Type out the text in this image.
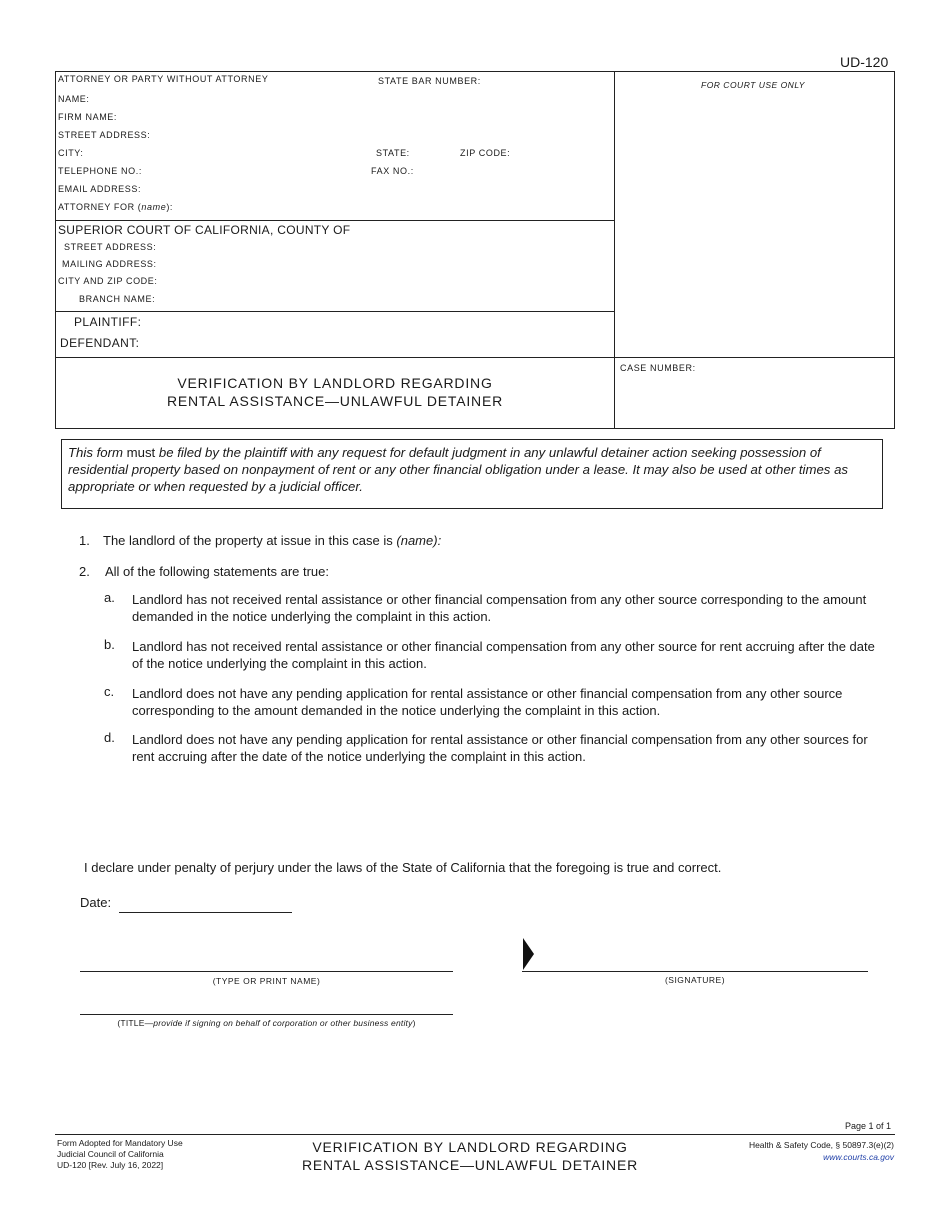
UD-120
ATTORNEY OR PARTY WITHOUT ATTORNEY	STATE BAR NUMBER:
NAME:
FIRM NAME:
STREET ADDRESS:
CITY:	STATE:	ZIP CODE:
TELEPHONE NO.:	FAX NO.:
EMAIL ADDRESS:
ATTORNEY FOR (name):
SUPERIOR COURT OF CALIFORNIA, COUNTY OF
STREET ADDRESS:
MAILING ADDRESS:
CITY AND ZIP CODE:
BRANCH NAME:
PLAINTIFF:
DEFENDANT:
FOR COURT USE ONLY
CASE NUMBER:
VERIFICATION BY LANDLORD REGARDING
RENTAL ASSISTANCE—UNLAWFUL DETAINER
This form must be filed by the plaintiff with any request for default judgment in any unlawful detainer action seeking possession of residential property based on nonpayment of rent or any other financial obligation under a lease. It may also be used at other times as appropriate or when requested by a judicial officer.
1. The landlord of the property at issue in this case is (name):
2. All of the following statements are true:
a. Landlord has not received rental assistance or other financial compensation from any other source corresponding to the amount demanded in the notice underlying the complaint in this action.
b. Landlord has not received rental assistance or other financial compensation from any other source for rent accruing after the date of the notice underlying the complaint in this action.
c. Landlord does not have any pending application for rental assistance or other financial compensation from any other source corresponding to the amount demanded in the notice underlying the complaint in this action.
d. Landlord does not have any pending application for rental assistance or other financial compensation from any other sources for rent accruing after the date of the notice underlying the complaint in this action.
I declare under penalty of perjury under the laws of the State of California that the foregoing is true and correct.
Date:
(TYPE OR PRINT NAME)	(SIGNATURE)
(TITLE—provide if signing on behalf of corporation or other business entity)
Page 1 of 1
Form Adopted for Mandatory Use
Judicial Council of California
UD-120 [Rev. July 16, 2022]
VERIFICATION BY LANDLORD REGARDING
RENTAL ASSISTANCE—UNLAWFUL DETAINER
Health & Safety Code, § 50897.3(e)(2)
www.courts.ca.gov
